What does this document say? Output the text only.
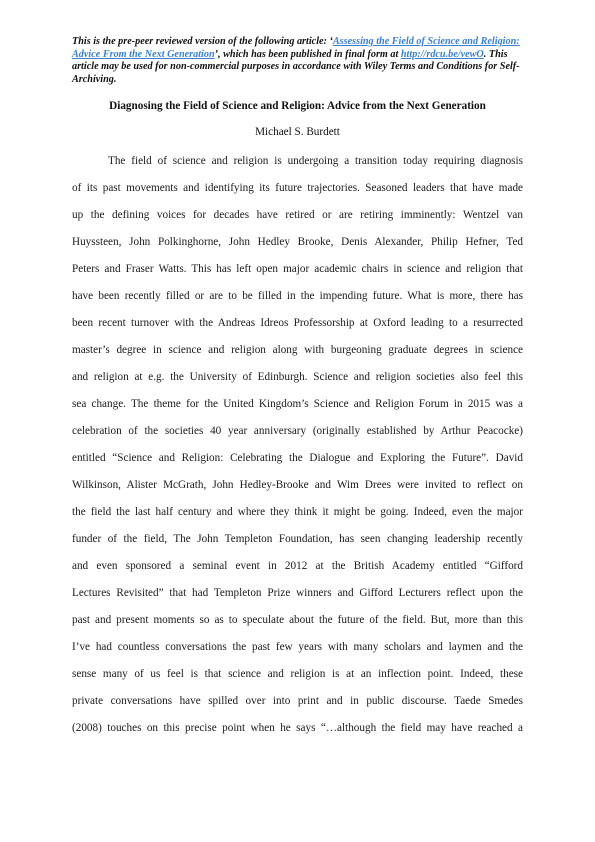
This is the pre-peer reviewed version of the following article: ‘Assessing the Field of Science and Religion: Advice From the Next Generation’, which has been published in final form at http://rdcu.be/vewO. This article may be used for non-commercial purposes in accordance with Wiley Terms and Conditions for Self-Archiving.
Diagnosing the Field of Science and Religion: Advice from the Next Generation
Michael S. Burdett
The field of science and religion is undergoing a transition today requiring diagnosis
of its past movements and identifying its future trajectories. Seasoned leaders that have made
up the defining voices for decades have retired or are retiring imminently: Wentzel van
Huyssteen, John Polkinghorne, John Hedley Brooke, Denis Alexander, Philip Hefner, Ted
Peters and Fraser Watts. This has left open major academic chairs in science and religion that
have been recently filled or are to be filled in the impending future. What is more, there has
been recent turnover with the Andreas Idreos Professorship at Oxford leading to a resurrected
master’s degree in science and religion along with burgeoning graduate degrees in science
and religion at e.g. the University of Edinburgh. Science and religion societies also feel this
sea change. The theme for the United Kingdom’s Science and Religion Forum in 2015 was a
celebration of the societies 40 year anniversary (originally established by Arthur Peacocke)
entitled “Science and Religion: Celebrating the Dialogue and Exploring the Future”. David
Wilkinson, Alister McGrath, John Hedley-Brooke and Wim Drees were invited to reflect on
the field the last half century and where they think it might be going. Indeed, even the major
funder of the field, The John Templeton Foundation, has seen changing leadership recently
and even sponsored a seminal event in 2012 at the British Academy entitled “Gifford
Lectures Revisited” that had Templeton Prize winners and Gifford Lecturers reflect upon the
past and present moments so as to speculate about the future of the field. But, more than this
I’ve had countless conversations the past few years with many scholars and laymen and the
sense many of us feel is that science and religion is at an inflection point. Indeed, these
private conversations have spilled over into print and in public discourse. Taede Smedes
(2008) touches on this precise point when he says “…although the field may have reached a
